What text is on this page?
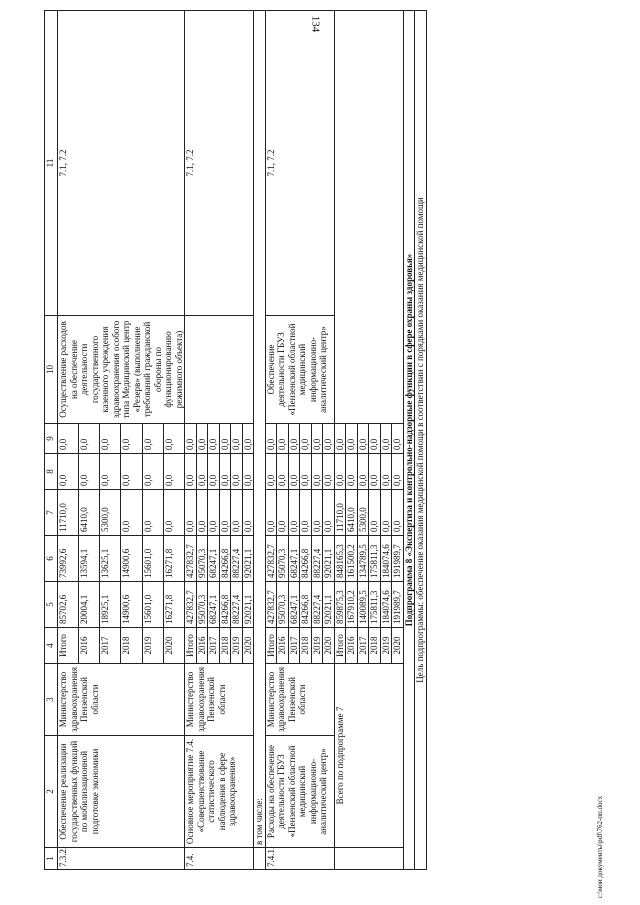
134
1	2	3	4	5	6	7	8	9	10	11
7.3.2.	Обеспечение реализации государственных функций по мобилизационной подготовке экономики	Министерство здравоохранения Пензенской области	Итого	85702,6	73992,6	11710,0	0,0	0,0	Осуществление расходов на обеспечение деятельности государственного казенного учреждения здравоохранения особого типа Медицинский центр «Резерв» (выполнение требований гражданской обороны по функционированию режимного объекта)	7.1, 7.2
			2016	20004,1	13594,1	6410,0	0,0	0,0		
			2017	18925,1	13625,1	5300,0	0,0	0,0		
			2018	14900,6	14900,6	0,0	0,0	0,0		
			2019	15601,0	15601,0	0,0	0,0	0,0		
			2020	16271,8	16271,8	0,0	0,0	0,0		
7.4.	Основное мероприятие 7.4. «Совершенствование статистического наблюдения в сфере здравоохранения»	Министерство здравоохранения Пензенской области	Итого	427832,7	427832,7	0,0	0,0	0,0		7.1, 7.2
			2016	95070,3	95070,3	0,0	0,0	0,0		
			2017	68247,1	68247,1	0,0	0,0	0,0		
			2018	84266,8	84266,8	0,0	0,0	0,0		
			2019	88227,4	88227,4	0,0	0,0	0,0		
			2020	92021,1	92021,1	0,0	0,0	0,0		
	в том числе:									
7.4.1.	Расходы на обеспечение деятельности ГБУЗ «Пензенский областной медицинский информационно-аналитический центр»	Министерство здравоохранения Пензенской области	Итого	427832,7	427832,7	0,0	0,0	0,0	Обеспечение деятельности ГБУЗ «Пензенский областной медицинский информационно-аналитический центр»	7.1, 7.2
			2016	95070,3	95070,3	0,0	0,0	0,0		
			2017	68247,1	68247,1	0,0	0,0	0,0		
			2018	84266,8	84266,8	0,0	0,0	0,0		
			2019	88227,4	88227,4	0,0	0,0	0,0		
			2020	92021,1	92021,1	0,0	0,0	0,0		
	Всего по подпрограмме 7		Итого	859875,3	848165,3	11710,0	0,0	0,0		
			2016	167910,2	161500,2	6410,0	0,0	0,0		
			2017	140089,5	134789,5	5300,0	0,0	0,0		
			2018	175811,3	175811,3	0,0	0,0	0,0		
			2019	184074,6	184074,6	0,0	0,0	0,0		
			2020	191989,7	191989,7	0,0	0,0	0,0		
Подпрограмма 8 «Экспертиза и контрольно-надзорные функции в сфере охраны здоровья»										
Цель подпрограммы: обеспечение оказания медицинской помощи в соответствии с порядками оказания медицинской помощи										
c:\мои документы\pdf\762-пп.docx
